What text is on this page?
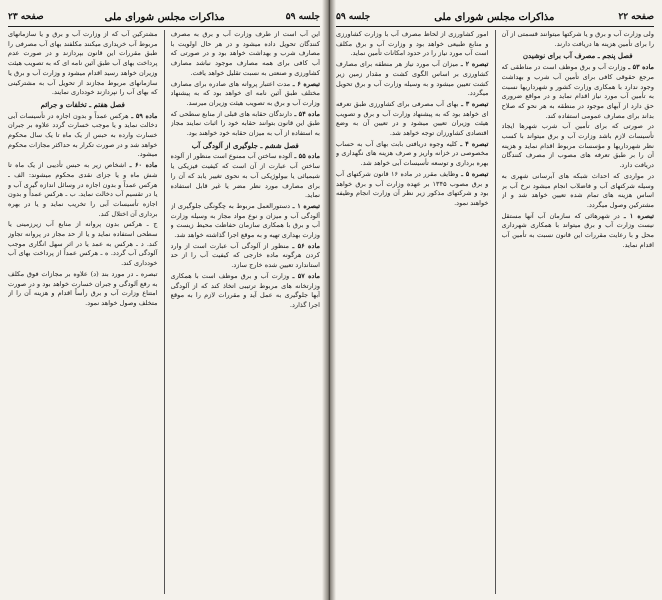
جلسه ۵۹
مذاکرات مجلس شورای ملی
صفحه ۲۳

این آب است از طرف وزارت آب و برق به مصرف کنندگان تحویل داده میشود و در هر حال اولویت با مصارف شرب و بهداشت خواهد بود و در صورتی که آب کافی برای همه مصارف موجود نباشد مصارف کشاورزی و صنعتی به نسبت تقلیل خواهد یافت.

تبصره ۶ ـ مدت اعتبار پروانه های صادره برای مصارف مختلف طبق آئین نامه ای خواهد بود که به پیشنهاد وزارت آب و برق به تصویب هیئت وزیران میرسد.

ماده ۵۴ ـ دارندگان حقابه های قبلی از منابع سطحی که طبق این قانون بتوانند حقابه خود را اثبات نمایند مجاز به استفاده از آب به میزان حقابه خود خواهند بود.

فصل ششم ـ جلوگیری از آلودگی آب

ماده ۵۵ ـ آلوده ساختن آب ممنوع است منظور از آلوده ساختن آب عبارت از آن است که کیفیت فیزیکی یا شیمیائی یا بیولوژیکی آب به نحوی تغییر یابد که آن را برای مصارف مورد نظر مضر یا غیر قابل استفاده نماید.

تبصره ۱ ـ دستورالعمل مربوط به چگونگی جلوگیری از آلودگی آب و میزان و نوع مواد مجاز به وسیله وزارت آب و برق با همکاری سازمان حفاظت محیط زیست و وزارت بهداری تهیه و به موقع اجرا گذاشته خواهد شد.

ماده ۵۶ ـ منظور از آلودگی آب عبارت است از وارد کردن هرگونه ماده خارجی که کیفیت آب را از حد استاندارد تعیین شده خارج سازد.

ماده ۵۷ ـ وزارت آب و برق موظف است با همکاری وزارتخانه های مربوط ترتیبی اتخاذ کند که از آلودگی آبها جلوگیری به عمل آید و مقررات لازم را به موقع اجرا گذارد.

مشترکین آب که از وزارت آب و برق و یا سازمانهای مربوط آب خریداری میکنند مکلفند بهای آب مصرفی را طبق مقررات این قانون بپردازند و در صورت عدم پرداخت بهای آب طبق آئین نامه ای که به تصویب هیئت وزیران خواهد رسید اقدام میشود و وزارت آب و برق یا سازمانهای مربوط مجازند از تحویل آب به مشترکینی که بهای آب را نپردازند خودداری نمایند.

فصل هفتم ـ تخلفات و جرائم

ماده ۵۹ ـ هرکس عمداً و بدون اجازه در تأسیسات آبی دخالت نماید و یا موجب خسارت گردد علاوه بر جبران خسارت وارده به حبس از یک ماه تا یک سال محکوم خواهد شد و در صورت تکرار به حداکثر مجازات محکوم میشود.

ماده ۶۰ ـ اشخاص زیر به حبس تأدیبی از یک ماه تا شش ماه و یا جزای نقدی محکوم میشوند: الف ـ هرکس عمداً و بدون اجازه در وسائل اندازه گیری آب و یا در تقسیم آب دخالت نماید. ب ـ هرکس عمداً و بدون اجازه تأسیسات آبی را تخریب نماید و یا در بهره برداری آن اختلال کند.

ج ـ هرکس بدون پروانه از منابع آب زیرزمینی یا سطحی استفاده نماید و یا از حد مجاز در پروانه تجاوز کند. د ـ هرکس به عمد یا در اثر سهل انگاری موجب آلودگی آب گردد. ه ـ هرکس عمداً از پرداخت بهای آب خودداری کند.

تبصره ـ در مورد بند (د) علاوه بر مجازات فوق مکلف به رفع آلودگی و جبران خسارت خواهد بود و در صورت امتناع وزارت آب و برق رأساً اقدام و هزینه آن را از متخلف وصول خواهد نمود.

صفحه ۲۲
مذاکرات مجلس شورای ملی
جلسه ۵۹

ولی وزارت آب و برق و یا شرکتها میتوانند قسمتی از آن را برای تأمین هزینه ها دریافت دارند.

فصل پنجم ـ مصرف آب برای نوشیدن

ماده ۵۳ ـ وزارت آب و برق موظف است در مناطقی که مرجع حقوقی کافی برای تأمین آب شرب و بهداشت وجود ندارد با همکاری وزارت کشور و شهرداریها نسبت به تأمین آب مورد نیاز اقدام نماید و در مواقع ضروری حق دارد از آبهای موجود در منطقه به هر نحو که صلاح بداند برای مصارف عمومی استفاده کند.

در صورتی که برای تأمین آب شرب شهرها ایجاد تأسیسات لازم باشد وزارت آب و برق میتواند با کسب نظر شهرداریها و مؤسسات مربوط اقدام نماید و هزینه آن را بر طبق تعرفه های مصوب از مصرف کنندگان دریافت دارد.

در مواردی که احداث شبکه های آبرسانی شهری به وسیله شرکتهای آب و فاضلاب انجام میشود نرخ آب بر اساس هزینه های تمام شده تعیین خواهد شد و از مشترکین وصول میگردد.

تبصره ۱ ـ در شهرهائی که سازمان آب آنها مستقل نیست وزارت آب و برق میتواند با همکاری شهرداری محل و با رعایت مقررات این قانون نسبت به تأمین آب اقدام نماید.

امور کشاورزی از لحاظ مصرف آب با وزارت کشاورزی و منابع طبیعی خواهد بود و وزارت آب و برق مکلف است آب مورد نیاز را در حدود امکانات تأمین نماید.

تبصره ۲ ـ میزان آب مورد نیاز هر منطقه برای مصارف کشاورزی بر اساس الگوی کشت و مقدار زمین زیر کشت تعیین میشود و به وسیله وزارت آب و برق تحویل میگردد.

تبصره ۳ ـ بهای آب مصرفی برای کشاورزی طبق تعرفه ای خواهد بود که به پیشنهاد وزارت آب و برق و تصویب هیئت وزیران تعیین میشود و در تعیین آن به وضع اقتصادی کشاورزان توجه خواهد شد.

تبصره ۴ ـ کلیه وجوه دریافتی بابت بهای آب به حساب مخصوصی در خزانه واریز و صرف هزینه های نگهداری و بهره برداری و توسعه تأسیسات آبی خواهد شد.

تبصره ۵ ـ وظایف مقرر در ماده ۱۶ قانون شرکتهای آب و برق مصوب ۱۳۴۵ بر عهده وزارت آب و برق خواهد بود و شرکتهای مذکور زیر نظر آن وزارت انجام وظیفه خواهند نمود.
